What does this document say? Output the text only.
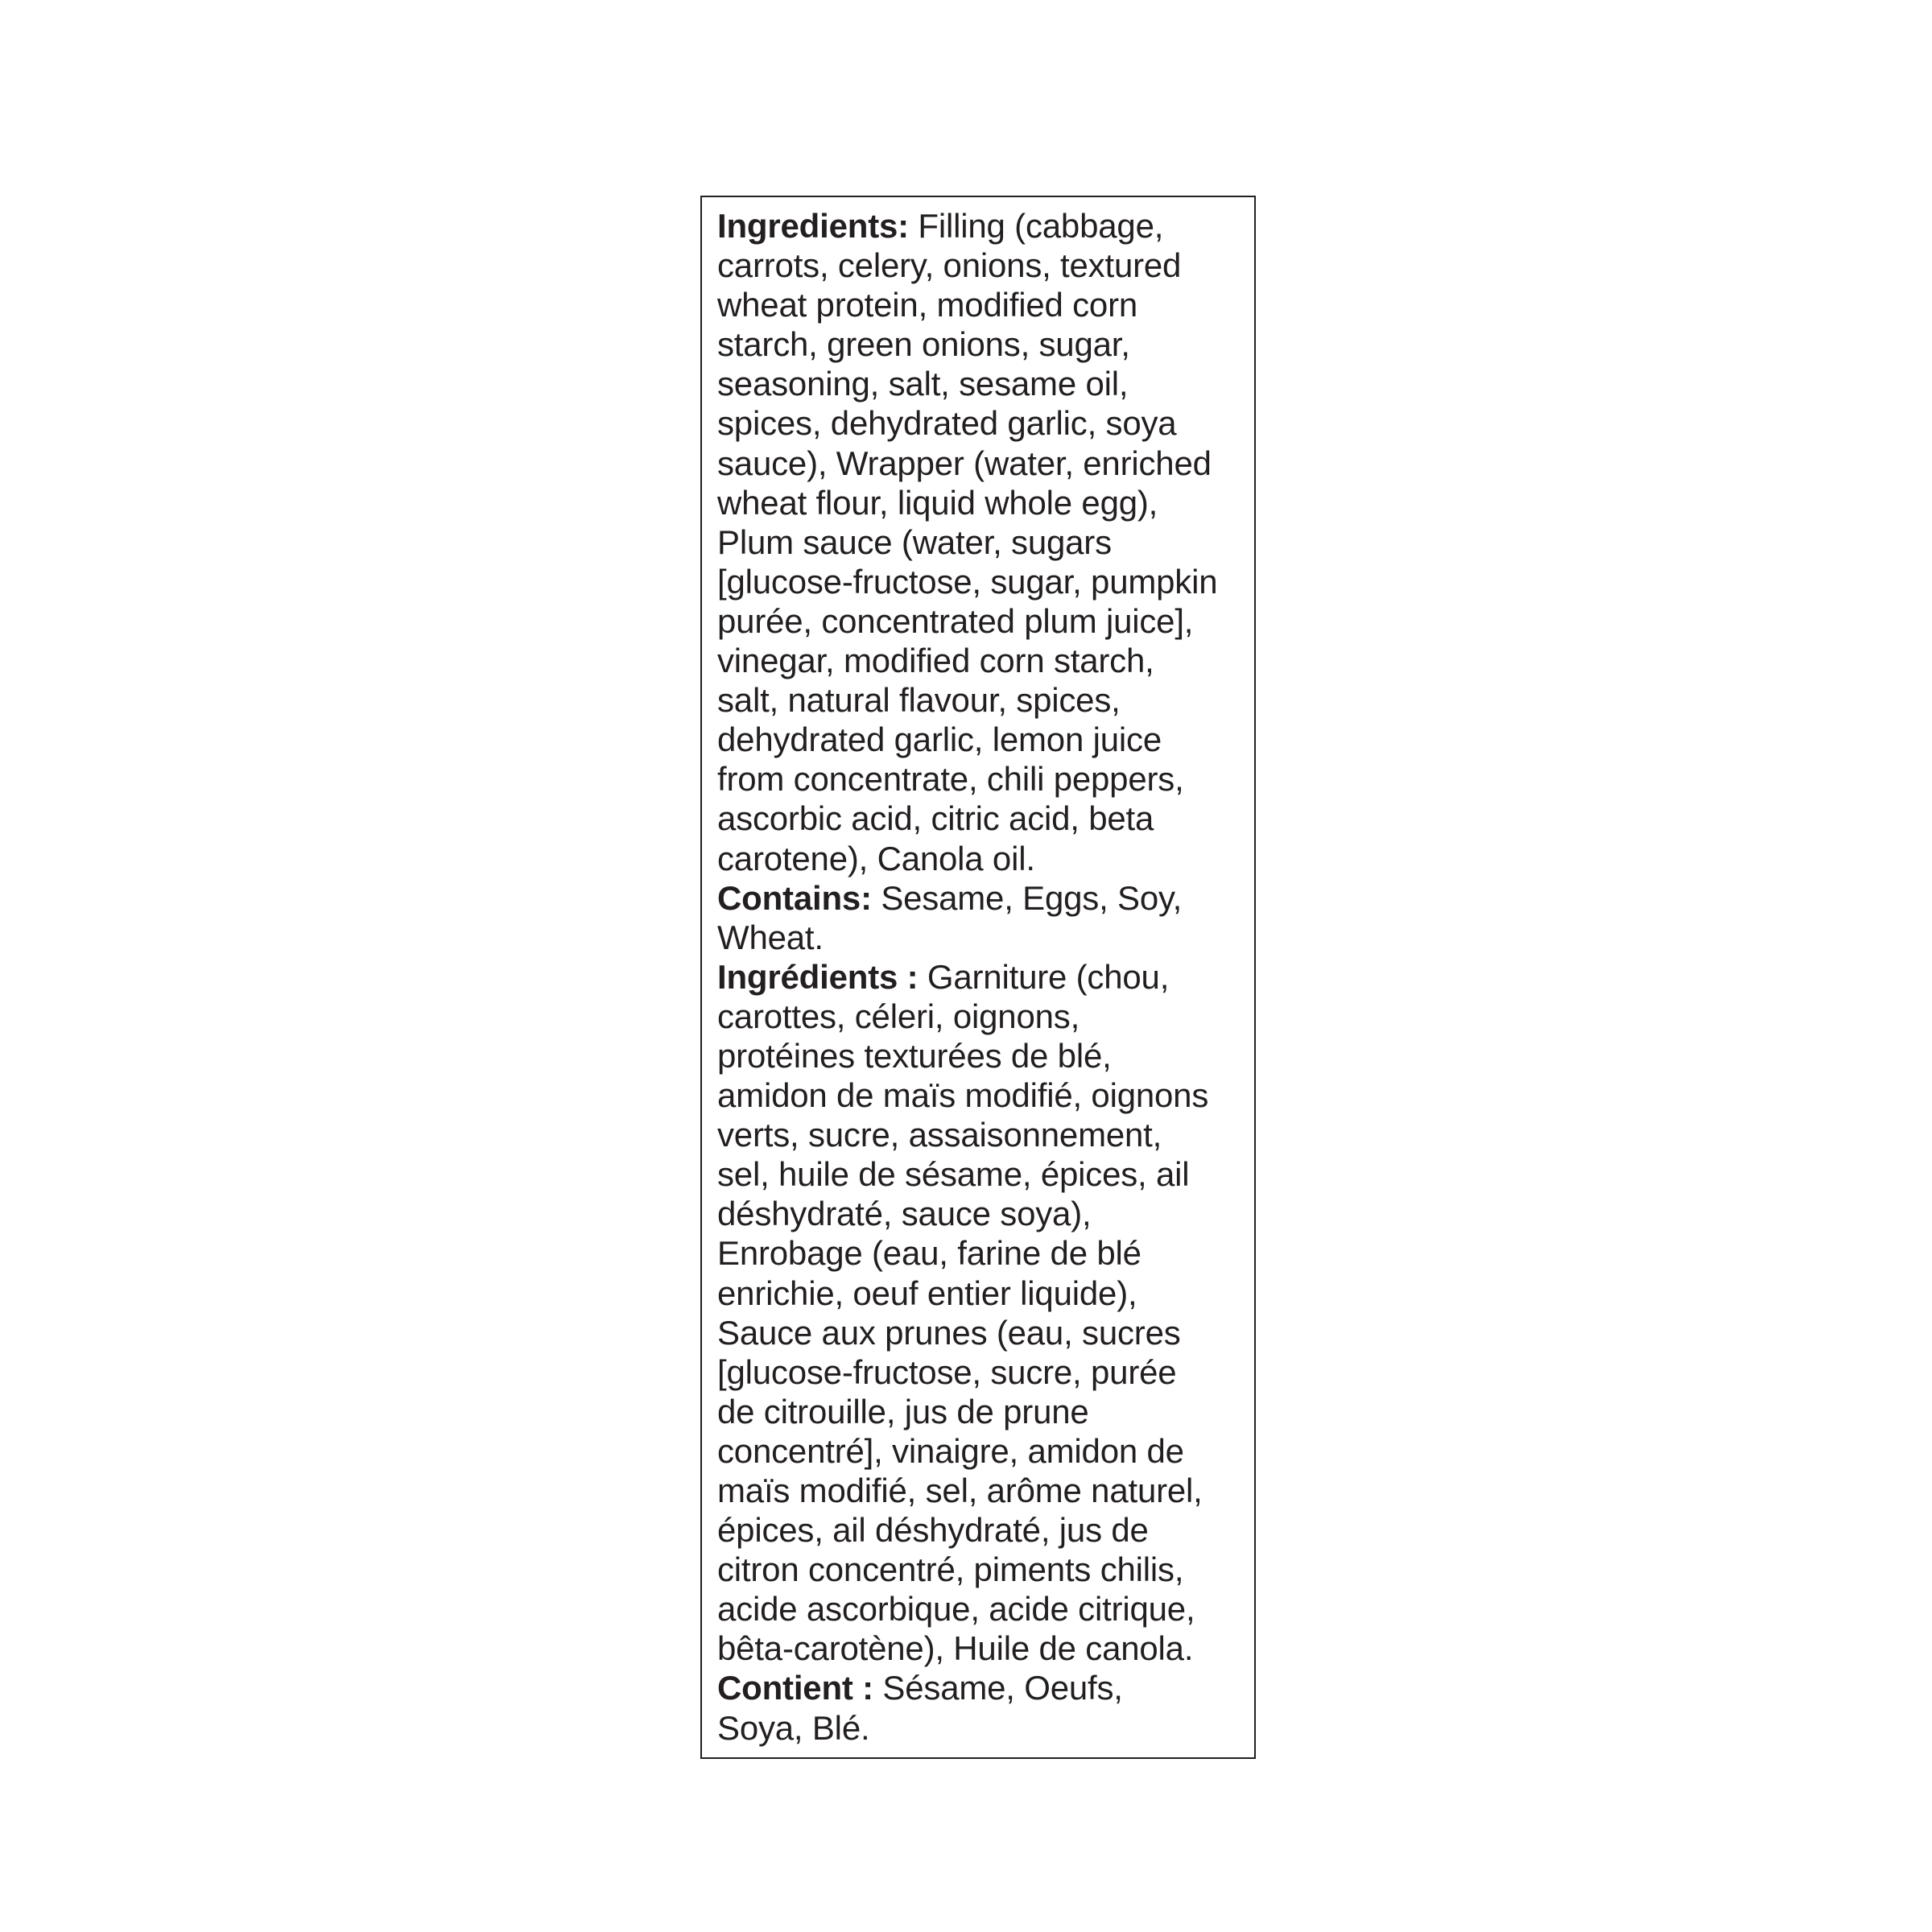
Ingredients: Filling (cabbage,
carrots, celery, onions, textured
wheat protein, modified corn
starch, green onions, sugar,
seasoning, salt, sesame oil,
spices, dehydrated garlic, soya
sauce), Wrapper (water, enriched
wheat flour, liquid whole egg),
Plum sauce (water, sugars
[glucose-fructose, sugar, pumpkin
purée, concentrated plum juice],
vinegar, modified corn starch,
salt, natural flavour, spices,
dehydrated garlic, lemon juice
from concentrate, chili peppers,
ascorbic acid, citric acid, beta
carotene), Canola oil.
Contains: Sesame, Eggs, Soy,
Wheat.
Ingrédients : Garniture (chou,
carottes, céleri, oignons,
protéines texturées de blé,
amidon de maïs modifié, oignons
verts, sucre, assaisonnement,
sel, huile de sésame, épices, ail
déshydraté, sauce soya),
Enrobage (eau, farine de blé
enrichie, oeuf entier liquide),
Sauce aux prunes (eau, sucres
[glucose-fructose, sucre, purée
de citrouille, jus de prune
concentré], vinaigre, amidon de
maïs modifié, sel, arôme naturel,
épices, ail déshydraté, jus de
citron concentré, piments chilis,
acide ascorbique, acide citrique,
bêta-carotène), Huile de canola.
Contient : Sésame, Oeufs,
Soya, Blé.
